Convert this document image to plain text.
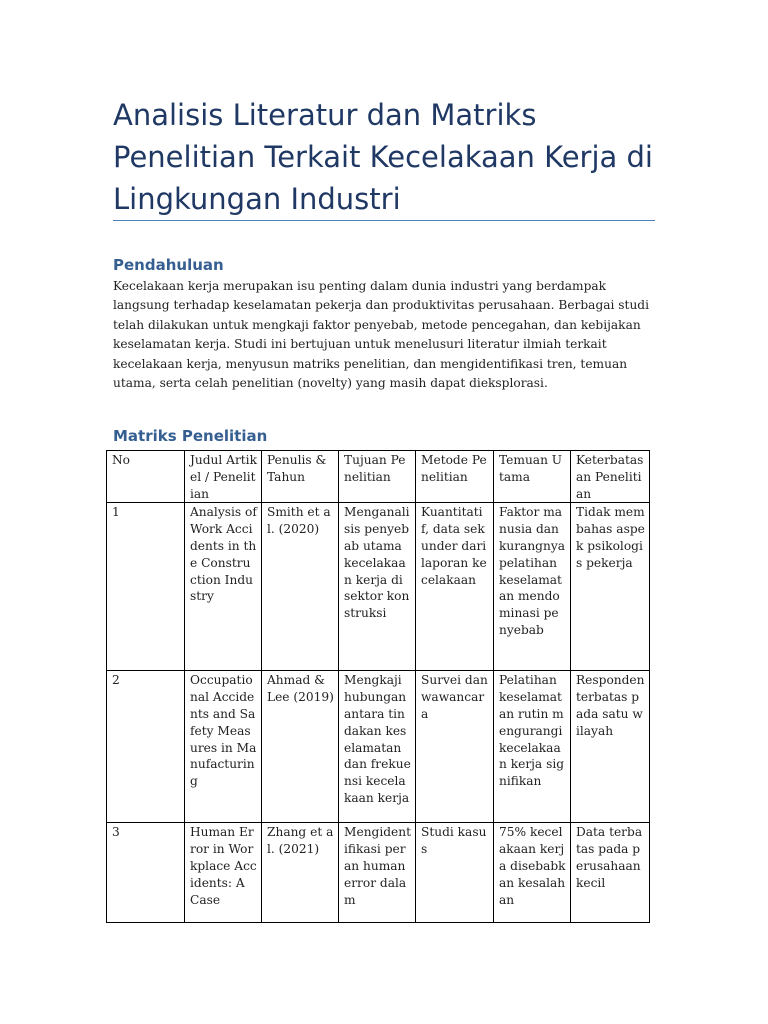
Analisis Literatur dan Matriks Penelitian Terkait Kecelakaan Kerja di Lingkungan Industri
Pendahuluan

Kecelakaan kerja merupakan isu penting dalam dunia industri yang berdampak langsung terhadap keselamatan pekerja dan produktivitas perusahaan. Berbagai studi telah dilakukan untuk mengkaji faktor penyebab, metode pencegahan, dan kebijakan keselamatan kerja. Studi ini bertujuan untuk menelusuri literatur ilmiah terkait kecelakaan kerja, menyusun matriks penelitian, dan mengidentifikasi tren, temuan utama, serta celah penelitian (novelty) yang masih dapat dieksplorasi.

Matriks Penelitian
No	Judul Artikel / Penelitian	Penulis & Tahun	Tujuan Penelitian	Metode Penelitian	Temuan Utama	Keterbatasan Penelitian
1	Analysis of Work Accidents in the Construction Industry	Smith et al. (2020)	Menganalisis penyebab utama kecelakaan kerja di sektor konstruksi	Kuantitatif, data sekunder dari laporan kecelakaan	Faktor manusia dan kurangnya pelatihan keselamatan mendominasi penyebab	Tidak membahas aspek psikologis pekerja
2	Occupational Accidents and Safety Measures in Manufacturing	Ahmad & Lee (2019)	Mengkaji hubungan antara tindakan keselamatan dan frekuensi kecelakaan kerja	Survei dan wawancara	Pelatihan keselamatan rutin mengurangi kecelakaan kerja signifikan	Responden terbatas pada satu wilayah
3	Human Error in Workplace Accidents: A Case	Zhang et al. (2021)	Mengidentifikasi peran human error dalam	Studi kasus	75% kecelakaan kerja disebabkan kesalahan	Data terbatas pada perusahaan kecil
